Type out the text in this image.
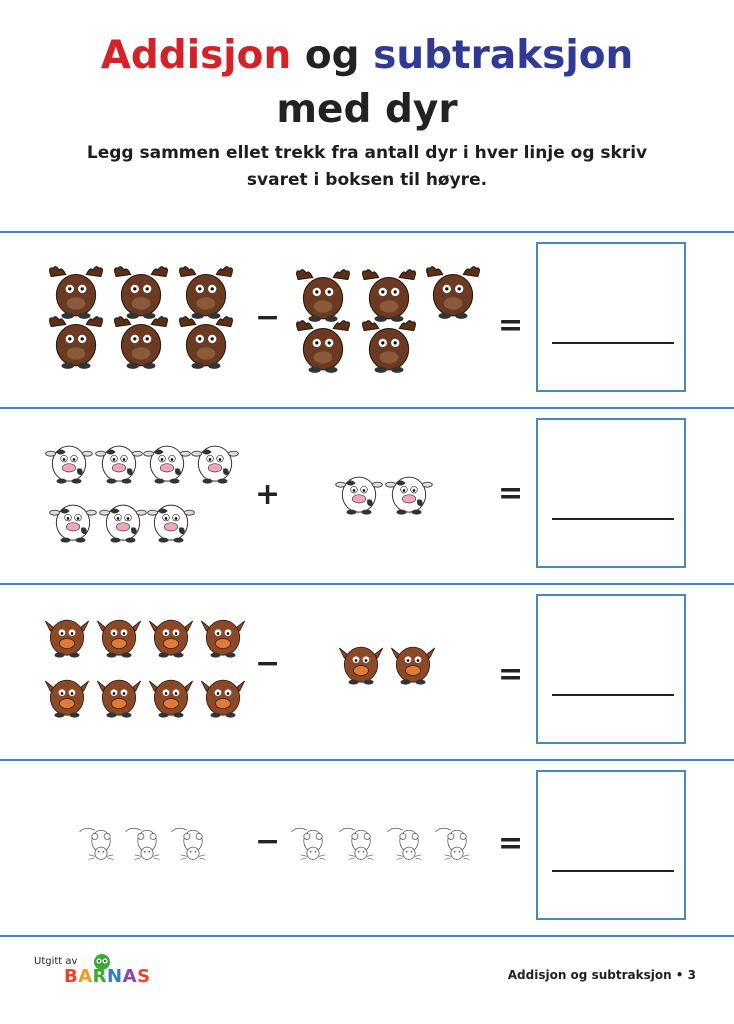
Addisjon og subtraksjon
med dyr
Legg sammen ellet trekk fra antall dyr i hver linje og skriv svaret i boksen til høyre.
−	=
+	=
−	=
−	=
Utgitt av
BARNAS	Addisjon og subtraksjon • 3
